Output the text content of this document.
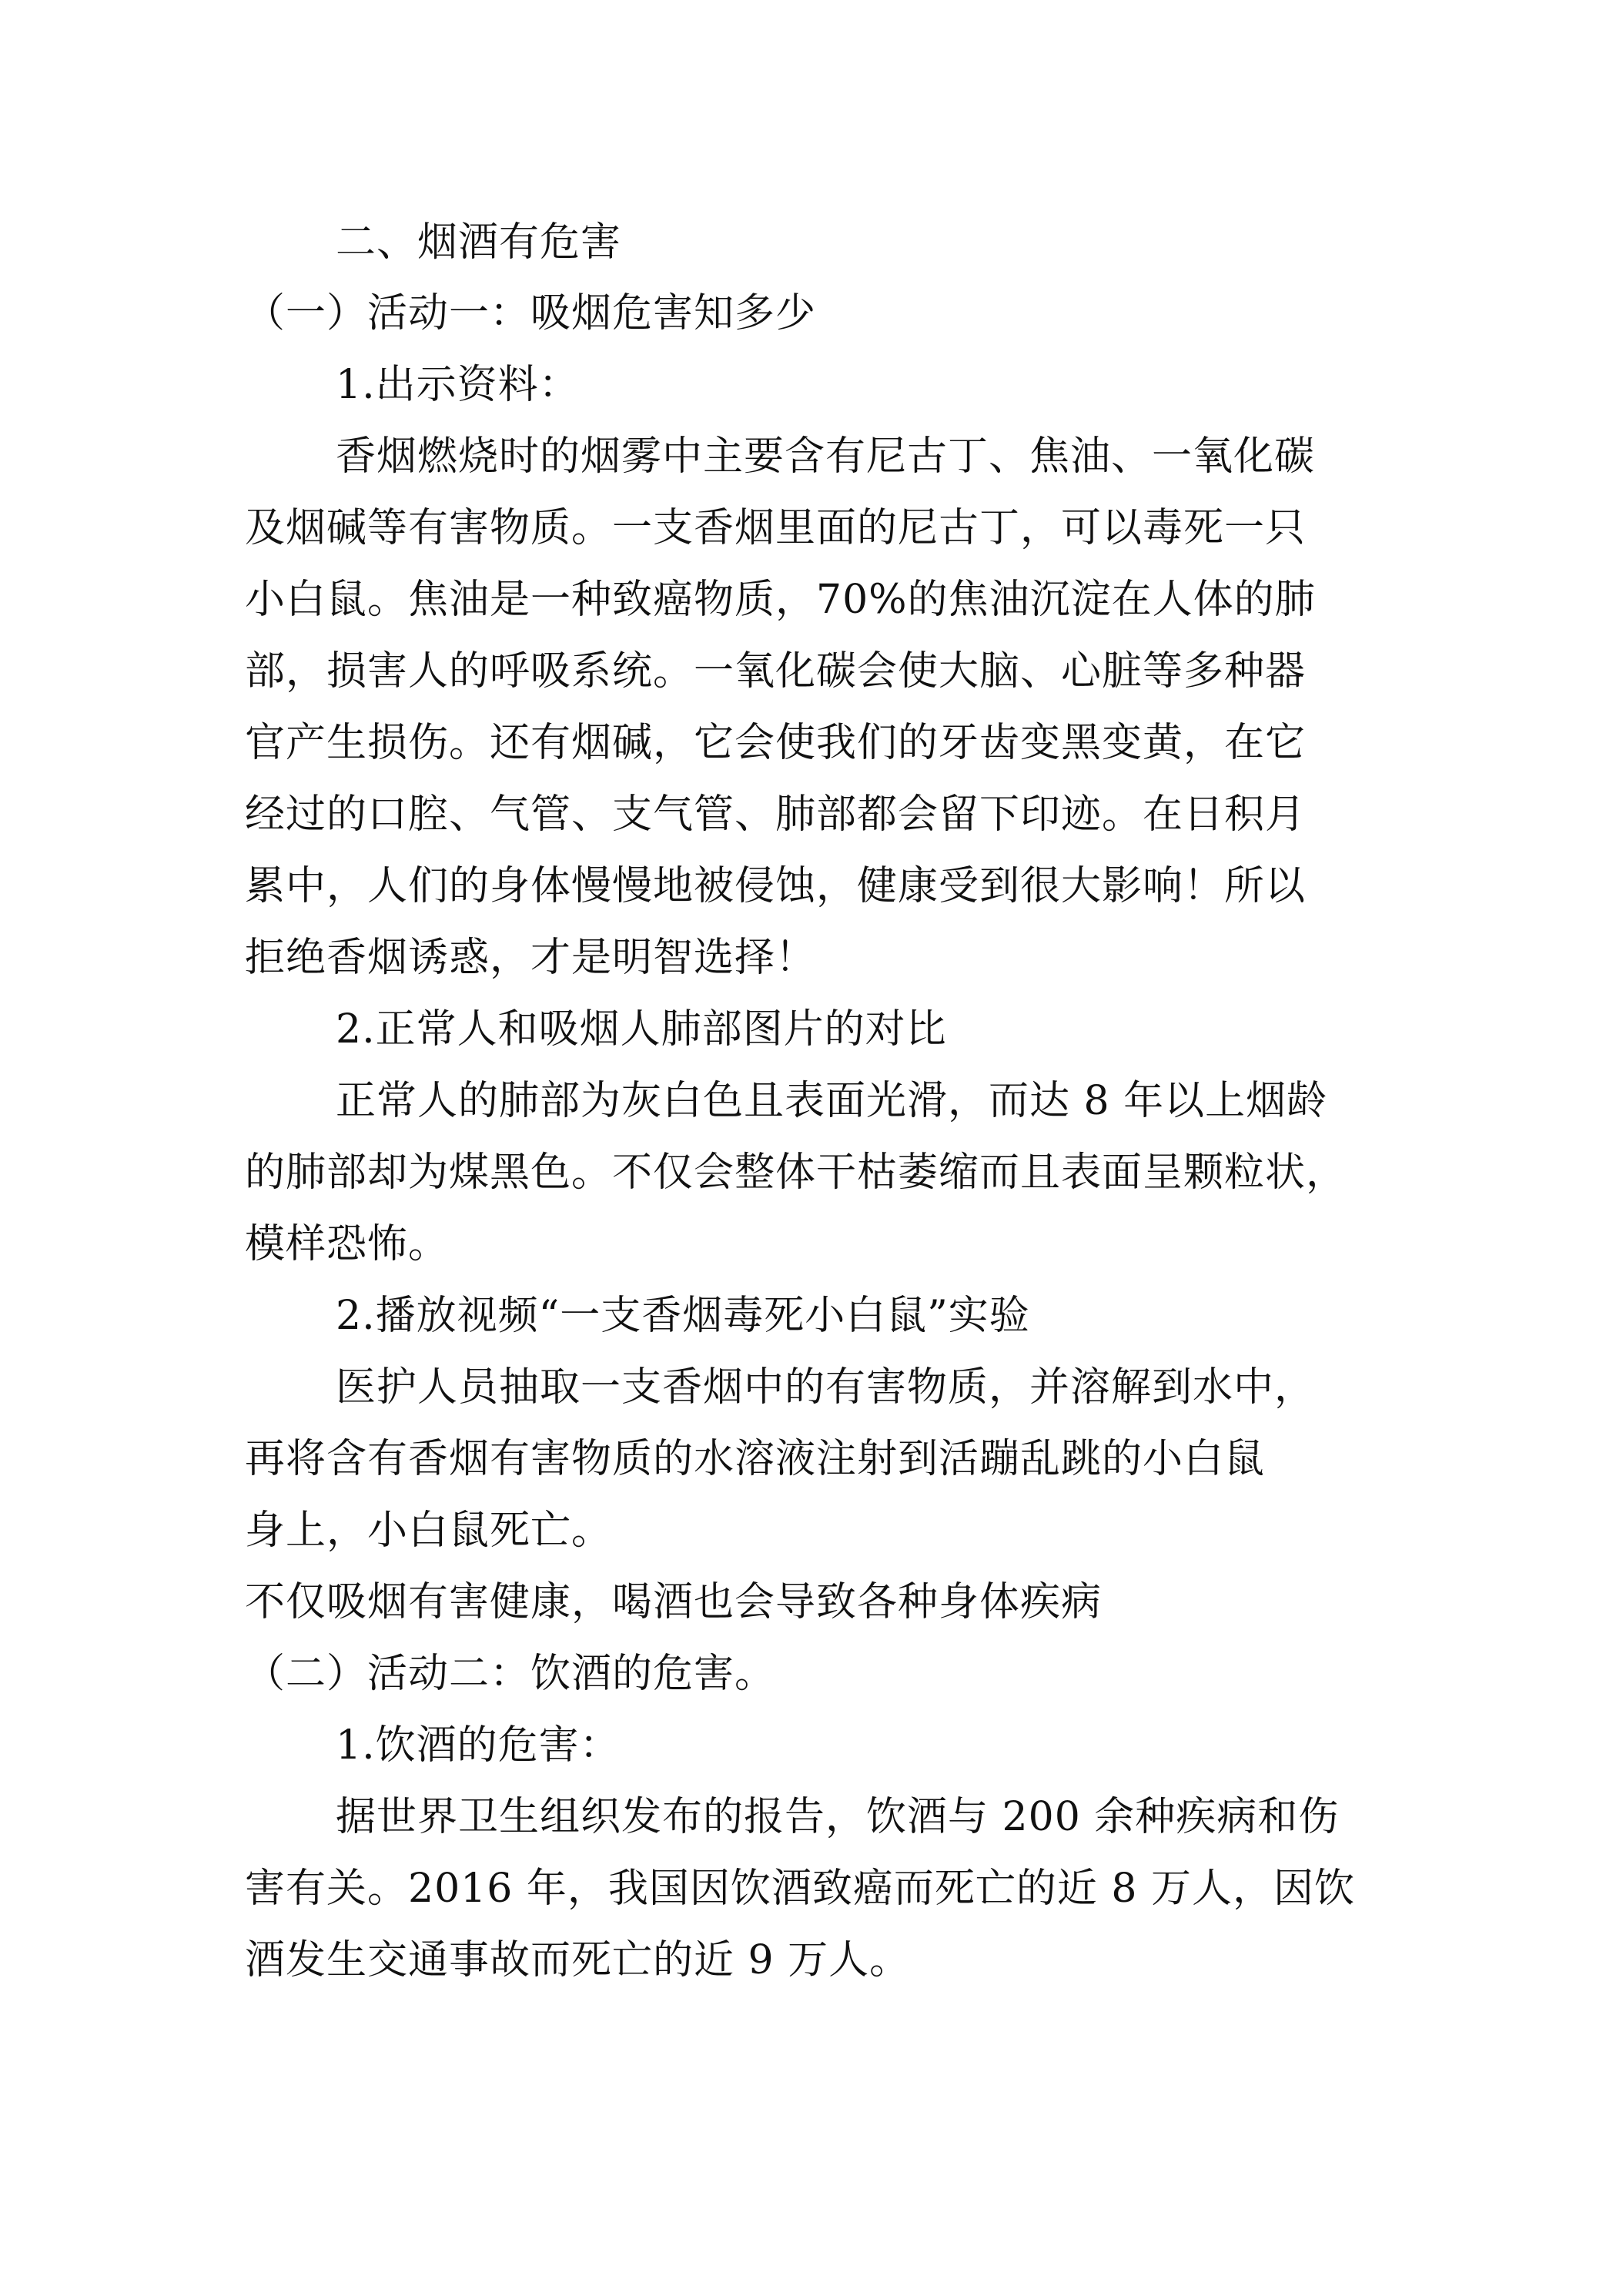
二、烟酒有危害
（一）活动一：吸烟危害知多少
1.出示资料：
香烟燃烧时的烟雾中主要含有尼古丁、焦油、一氧化碳
及烟碱等有害物质。一支香烟里面的尼古丁，可以毒死一只
小白鼠。焦油是一种致癌物质，70%的焦油沉淀在人体的肺
部，损害人的呼吸系统。一氧化碳会使大脑、心脏等多种器
官产生损伤。还有烟碱，它会使我们的牙齿变黑变黄，在它
经过的口腔、气管、支气管、肺部都会留下印迹。在日积月
累中，人们的身体慢慢地被侵蚀，健康受到很大影响！所以
拒绝香烟诱惑，才是明智选择！
2.正常人和吸烟人肺部图片的对比
正常人的肺部为灰白色且表面光滑，而达 8 年以上烟龄
的肺部却为煤黑色。不仅会整体干枯萎缩而且表面呈颗粒状，
模样恐怖。
2.播放视频“一支香烟毒死小白鼠”实验
医护人员抽取一支香烟中的有害物质，并溶解到水中，
再将含有香烟有害物质的水溶液注射到活蹦乱跳的小白鼠
身上，小白鼠死亡。
不仅吸烟有害健康，喝酒也会导致各种身体疾病
（二）活动二：饮酒的危害。
1.饮酒的危害：
据世界卫生组织发布的报告，饮酒与 200 余种疾病和伤
害有关。2016 年，我国因饮酒致癌而死亡的近 8 万人，因饮
酒发生交通事故而死亡的近 9 万人。
